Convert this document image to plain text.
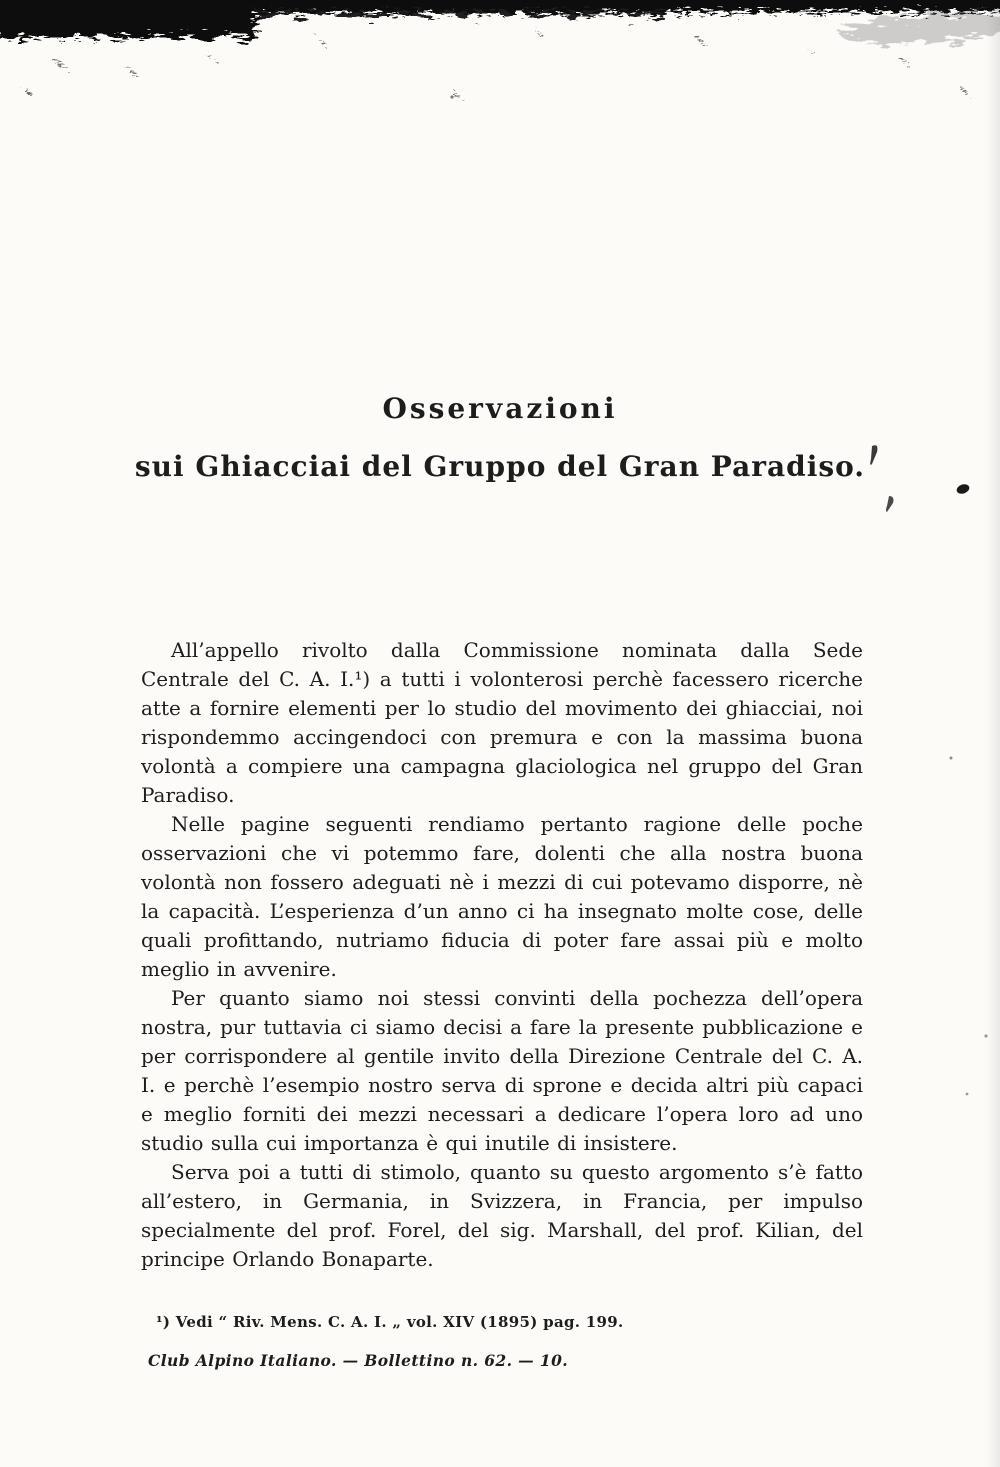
Osservazioni
sui Ghiacciai del Gruppo del Gran Paradiso.

All’appello rivolto dalla Commissione nominata dalla Sede Centrale del C. A. I.¹) a tutti i volonterosi perchè facessero ricerche atte a fornire elementi per lo studio del movimento dei ghiacciai, noi rispondemmo accingendoci con premura e con la massima buona volontà a compiere una campagna glaciologica nel gruppo del Gran Paradiso.

Nelle pagine seguenti rendiamo pertanto ragione delle poche osservazioni che vi potemmo fare, dolenti che alla nostra buona volontà non fossero adeguati nè i mezzi di cui potevamo disporre, nè la capacità. L’esperienza d’un anno ci ha insegnato molte cose, delle quali profittando, nutriamo fiducia di poter fare assai più e molto meglio in avvenire.

Per quanto siamo noi stessi convinti della pochezza dell’opera nostra, pur tuttavia ci siamo decisi a fare la presente pubblicazione e per corrispondere al gentile invito della Direzione Centrale del C. A. I. e perchè l’esempio nostro serva di sprone e decida altri più capaci e meglio forniti dei mezzi necessari a dedicare l’opera loro ad uno studio sulla cui importanza è qui inutile di insistere.

Serva poi a tutti di stimolo, quanto su questo argomento s’è fatto all’estero, in Germania, in Svizzera, in Francia, per impulso specialmente del prof. Forel, del sig. Marshall, del prof. Kilian, del principe Orlando Bonaparte.

¹) Vedi “ Riv. Mens. C. A. I. „ vol. XIV (1895) pag. 199.
Club Alpino Italiano. — Bollettino n. 62. — 10.
